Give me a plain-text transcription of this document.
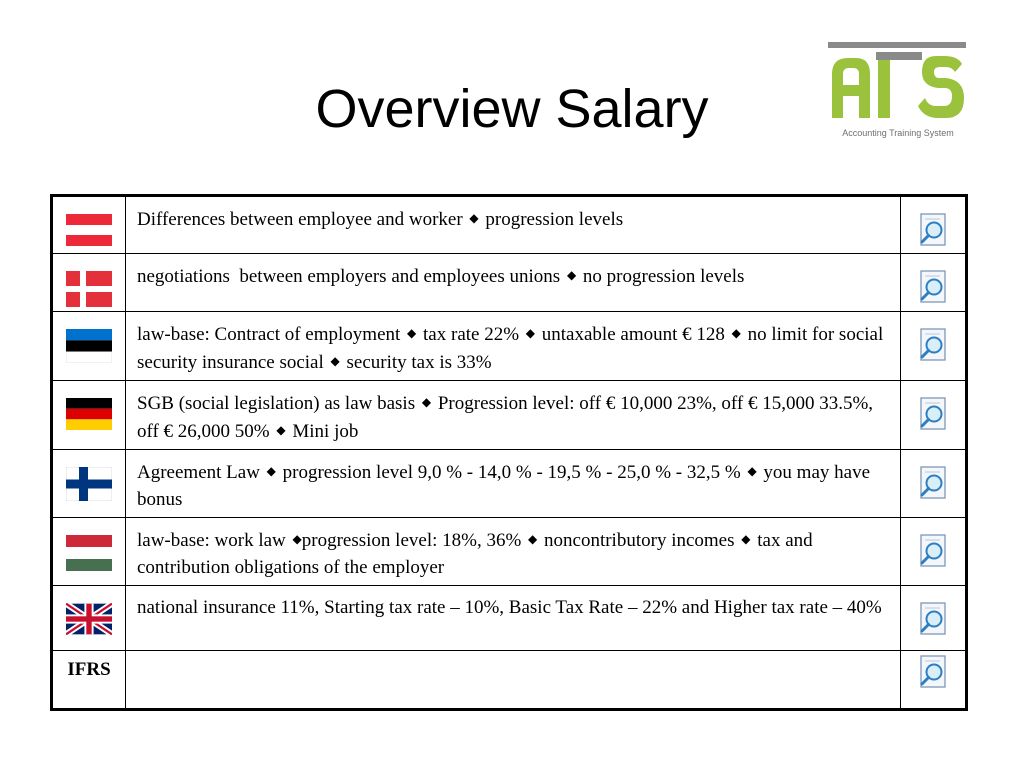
Overview Salary	Accounting Training System
	Differences between employee and worker ◆ progression levels	

	negotiations  between employers and employees unions ◆ no progression levels	

	law-base: Contract of employment ◆ tax rate 22% ◆ untaxable amount € 128 ◆ no limit for social security insurance social ◆ security tax is 33%	

	SGB (social legislation) as law basis ◆ Progression level: off € 10,000 23%, off € 15,000 33.5%, off € 26,000 50% ◆ Mini job	

	Agreement Law ◆ progression level 9,0 % - 14,0 % - 19,5 % - 25,0 % - 32,5 % ◆ you may have bonus	

	law-base: work law ◆progression level: 18%, 36% ◆ noncontributory incomes ◆ tax and contribution obligations of the employer	

	national insurance 11%, Starting tax rate – 10%, Basic Tax Rate – 22% and Higher tax rate – 40%	

IFRS		
